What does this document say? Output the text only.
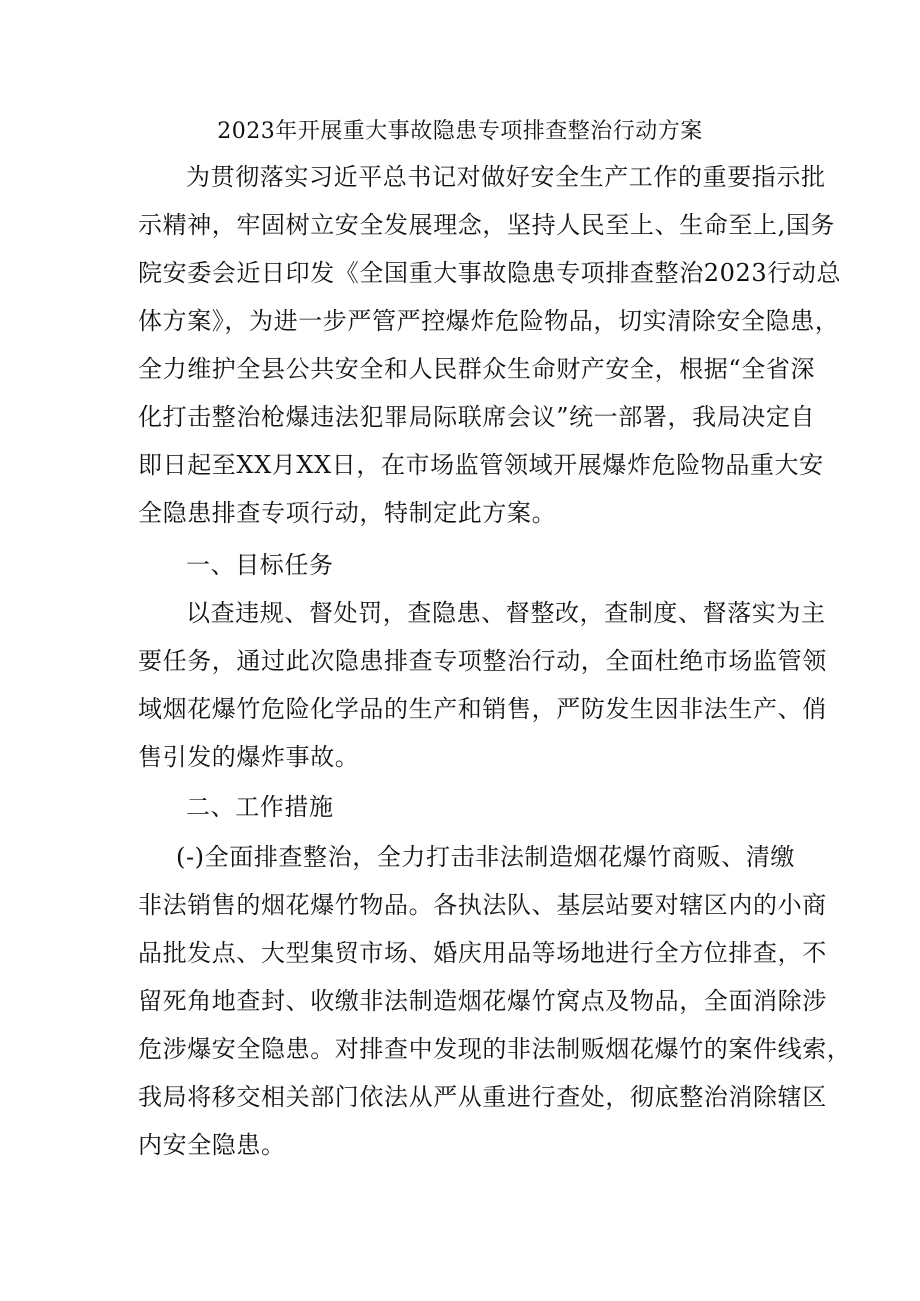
2023年开展重大事故隐患专项排查整治行动方案
为贯彻落实习近平总书记对做好安全生产工作的重要指示批
示精神，牢固树立安全发展理念，坚持人民至上、生命至上,国务
院安委会近日印发《全国重大事故隐患专项排查整治2023行动总
体方案》，为进一步严管严控爆炸危险物品，切实清除安全隐患，
全力维护全县公共安全和人民群众生命财产安全，根据“全省深
化打击整治枪爆违法犯罪局际联席会议”统一部署，我局决定自
即日起至XX月XX日，在市场监管领域开展爆炸危险物品重大安
全隐患排查专项行动，特制定此方案。
一、目标任务
以查违规、督处罚，查隐患、督整改，查制度、督落实为主
要任务，通过此次隐患排查专项整治行动，全面杜绝市场监管领
域烟花爆竹危险化学品的生产和销售，严防发生因非法生产、俏
售引发的爆炸事故。
二、工作措施
(-)全面排查整治，全力打击非法制造烟花爆竹商贩、清缴
非法销售的烟花爆竹物品。各执法队、基层站要对辖区内的小商
品批发点、大型集贸市场、婚庆用品等场地进行全方位排查，不
留死角地查封、收缴非法制造烟花爆竹窝点及物品，全面消除涉
危涉爆安全隐患。对排查中发现的非法制贩烟花爆竹的案件线索，
我局将移交相关部门依法从严从重进行查处，彻底整治消除辖区
内安全隐患。
